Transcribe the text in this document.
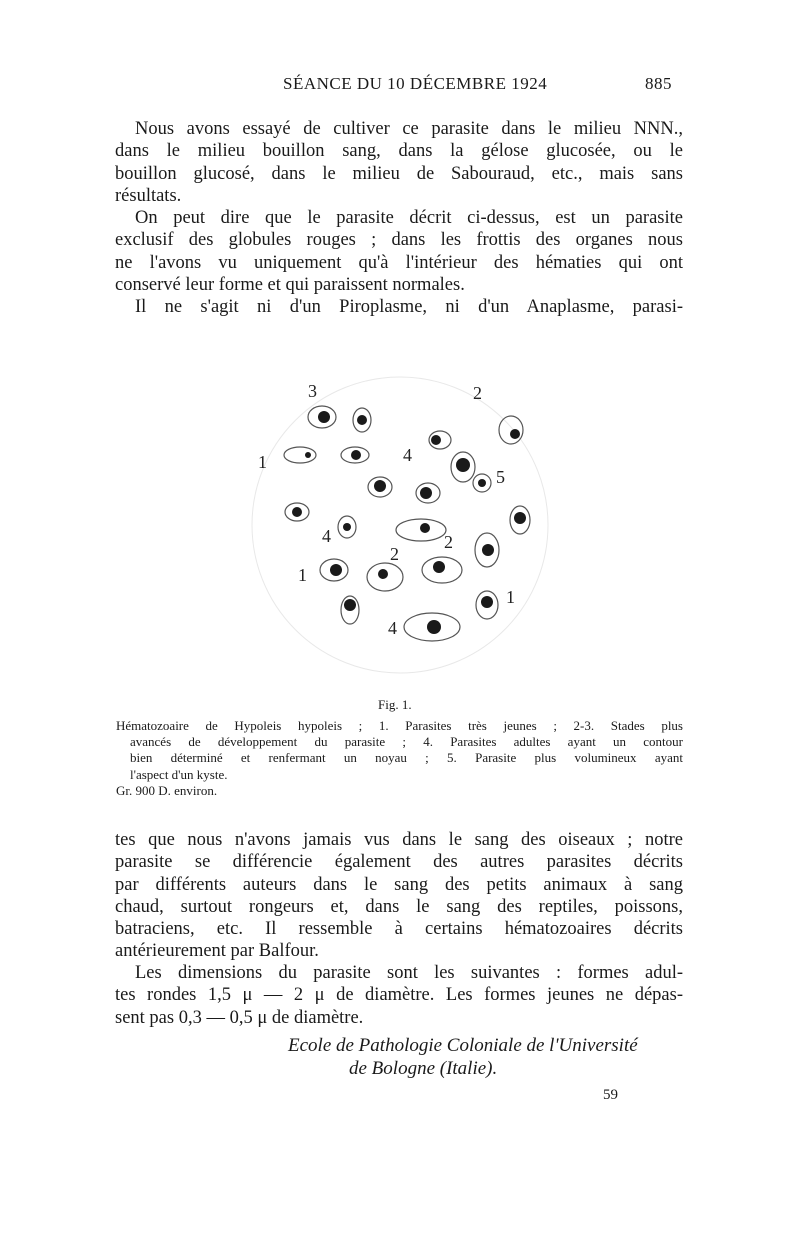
SÉANCE DU 10 DÉCEMBRE 1924	885

Nous avons essayé de cultiver ce parasite dans le milieu NNN.,
dans le milieu bouillon sang, dans la gélose glucosée, ou le
bouillon glucosé, dans le milieu de Sabouraud, etc., mais sans
résultats.

On peut dire que le parasite décrit ci-dessus, est un parasite
exclusif des globules rouges ; dans les frottis des organes nous
ne l'avons vu uniquement qu'à l'intérieur des hématies qui ont
conservé leur forme et qui paraissent normales.

Il ne s'agit ni d'un Piroplasme, ni d'un Anaplasme, parasi-

3	2
1	4
5
4
1
2
2
1
4
Fig. 1.

Hématozoaire de Hypoleis hypoleis ; 1. Parasites très jeunes ; 2-3. Stades plus
avancés de développement du parasite ; 4. Parasites adultes ayant un contour
bien déterminé et renfermant un noyau ; 5. Parasite plus volumineux ayant
l'aspect d'un kyste.
Gr. 900 D. environ.

tes que nous n'avons jamais vus dans le sang des oiseaux ; notre
parasite se différencie également des autres parasites décrits
par différents auteurs dans le sang des petits animaux à sang
chaud, surtout rongeurs et, dans le sang des reptiles, poissons,
batraciens, etc. Il ressemble à certains hématozoaires décrits
antérieurement par Balfour.

Les dimensions du parasite sont les suivantes : formes adul-
tes rondes 1,5 μ — 2 μ de diamètre. Les formes jeunes ne dépas-
sent pas 0,3 — 0,5 μ de diamètre.

Ecole de Pathologie Coloniale de l'Université
de Bologne (Italie).
59
